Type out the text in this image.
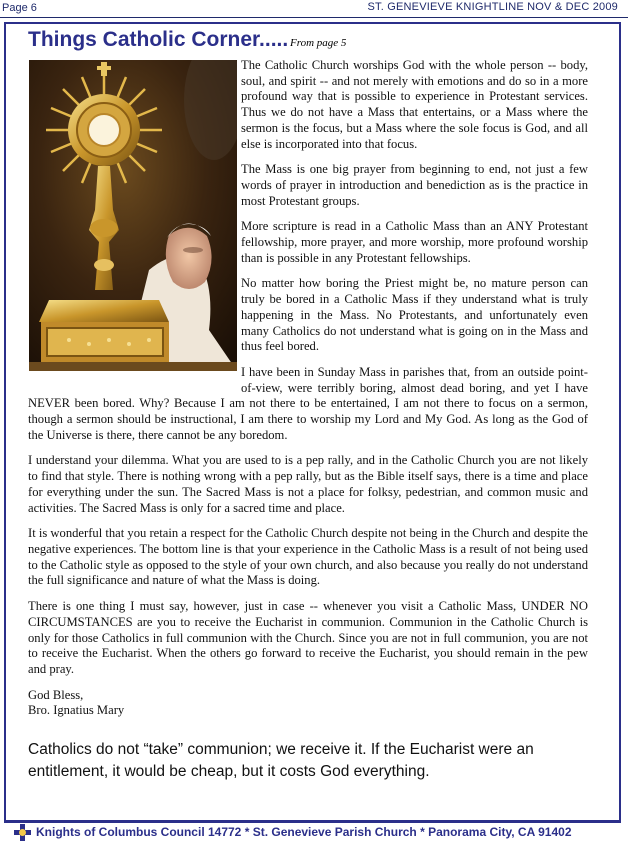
Page 6	ST. GENEVIEVE KNIGHTLINE NOV & DEC 2009
Things Catholic Corner..... From page 5

The Catholic Church worships God with the whole person -- body, soul, and spirit -- and not merely with emotions and do so in a more profound way that is possible to experience in Protestant services. Thus we do not have a Mass that entertains, or a Mass where the sermon is the focus, but a Mass where the sole focus is God, and all else is incorporated into that focus.

The Mass is one big prayer from beginning to end, not just a few words of prayer in introduction and benediction as is the practice in most Protestant groups.

More scripture is read in a Catholic Mass than an ANY Protestant fellowship, more prayer, and more worship, more profound worship than is possible in any Protestant fellowships.

No matter how boring the Priest might be, no mature person can truly be bored in a Catholic Mass if they understand what is truly happening in the Mass. No Protestants, and unfortunately even many Catholics do not understand what is going on in the Mass and thus feel bored.

I have been in Sunday Mass in parishes that, from an outside point-of-view, were terribly boring, almost dead boring, and yet I have NEVER been bored. Why? Because I am not there to be entertained, I am not there to focus on a sermon, though a sermon should be instructional, I am there to worship my Lord and My God. As long as the God of the Universe is there, there cannot be any boredom.

I understand your dilemma. What you are used to is a pep rally, and in the Catholic Church you are not likely to find that style. There is nothing wrong with a pep rally, but as the Bible itself says, there is a time and place for everything under the sun. The Sacred Mass is not a place for folksy, pedestrian, and common music and activities. The Sacred Mass is only for a sacred time and place.

It is wonderful that you retain a respect for the Catholic Church despite not being in the Church and despite the negative experiences. The bottom line is that your experience in the Catholic Mass is a result of not being used to the Catholic style as opposed to the style of your own church, and also because you really do not understand the full significance and nature of what the Mass is doing.

There is one thing I must say, however, just in case -- whenever you visit a Catholic Mass, UNDER NO CIRCUMSTANCES are you to receive the Eucharist in communion. Communion in the Catholic Church is only for those Catholics in full communion with the Church. Since you are not in full communion, you are not to receive the Eucharist. When the others go forward to receive the Eucharist, you should remain in the pew and pray.

God Bless,

Bro. Ignatius Mary

Catholics do not “take” communion; we receive it. If the Eucharist were an entitlement, it would be cheap, but it costs God everything.
Knights of Columbus Council 14772 * St. Genevieve Parish Church * Panorama City, CA 91402
